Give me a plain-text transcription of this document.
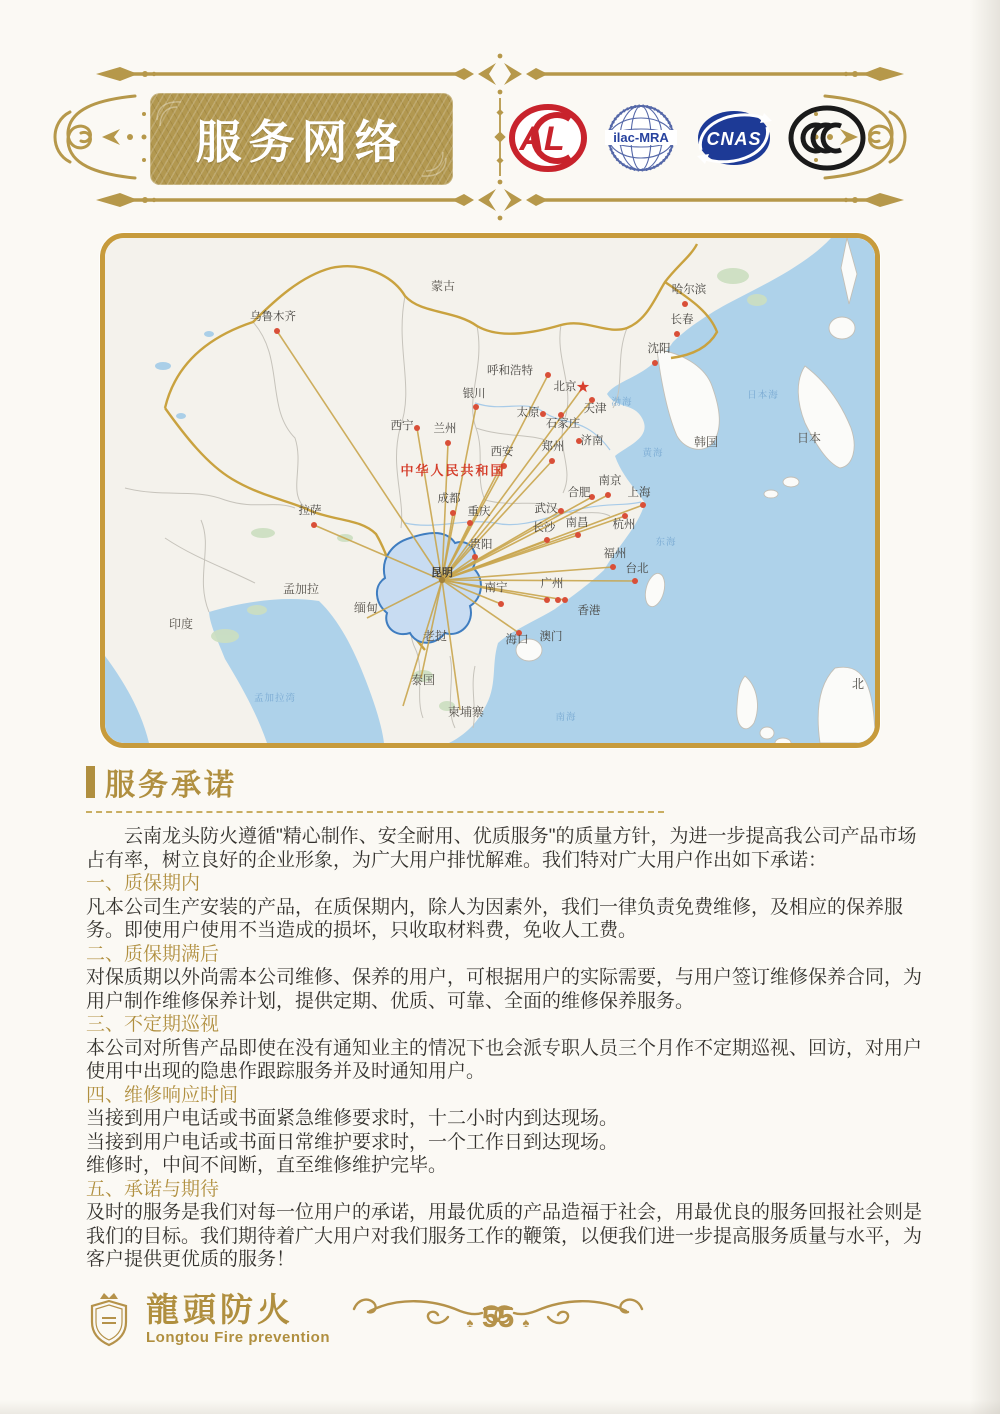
服务网络	AL	ilac-MRA CNAS
昆明
乌鲁木齐
哈尔滨
长春
沈阳
呼和浩特
北京
天津
银川
太原
石家庄
西宁 兰州
济南
郑州
西安
南京
合肥	上海
拉萨
成都
重庆	武汉
杭州
南昌
长沙
贵阳
福州
台北
南宁	广州
香港
澳门
海口
蒙古
韩国	日本
印度
孟加拉
缅甸
老挝
泰国
柬埔寨
日本海
渤海
黄海
东海
南海
孟加拉湾
中华人民共和国
北
服务承诺

云南龙头防火遵循"精心制作、安全耐用、优质服务"的质量方针，为进一步提高我公司产品市场占有率，树立良好的企业形象，为广大用户排忧解难。我们特对广大用户作出如下承诺：

一、质保期内
凡本公司生产安装的产品，在质保期内，除人为因素外，我们一律负责免费维修，及相应的保养服务。即使用户使用不当造成的损坏，只收取材料费，免收人工费。
二、质保期满后
对保质期以外尚需本公司维修、保养的用户，可根据用户的实际需要，与用户签订维修保养合同，为用户制作维修保养计划，提供定期、优质、可靠、全面的维修保养服务。
三、不定期巡视
本公司对所售产品即使在没有通知业主的情况下也会派专职人员三个月作不定期巡视、回访，对用户使用中出现的隐患作跟踪服务并及时通知用户。
四、维修响应时间
当接到用户电话或书面紧急维修要求时，十二小时内到达现场。
当接到用户电话或书面日常维护要求时，一个工作日到达现场。
维修时，中间不间断，直至维修维护完毕。
五、承诺与期待
及时的服务是我们对每一位用户的承诺，用最优质的产品造福于社会，用最优良的服务回报社会则是我们的目标。我们期待着广大用户对我们服务工作的鞭策，以便我们进一步提高服务质量与水平，为客户提供更优质的服务！
龍頭防火
Longtou Fire prevention
♠	♠
55
